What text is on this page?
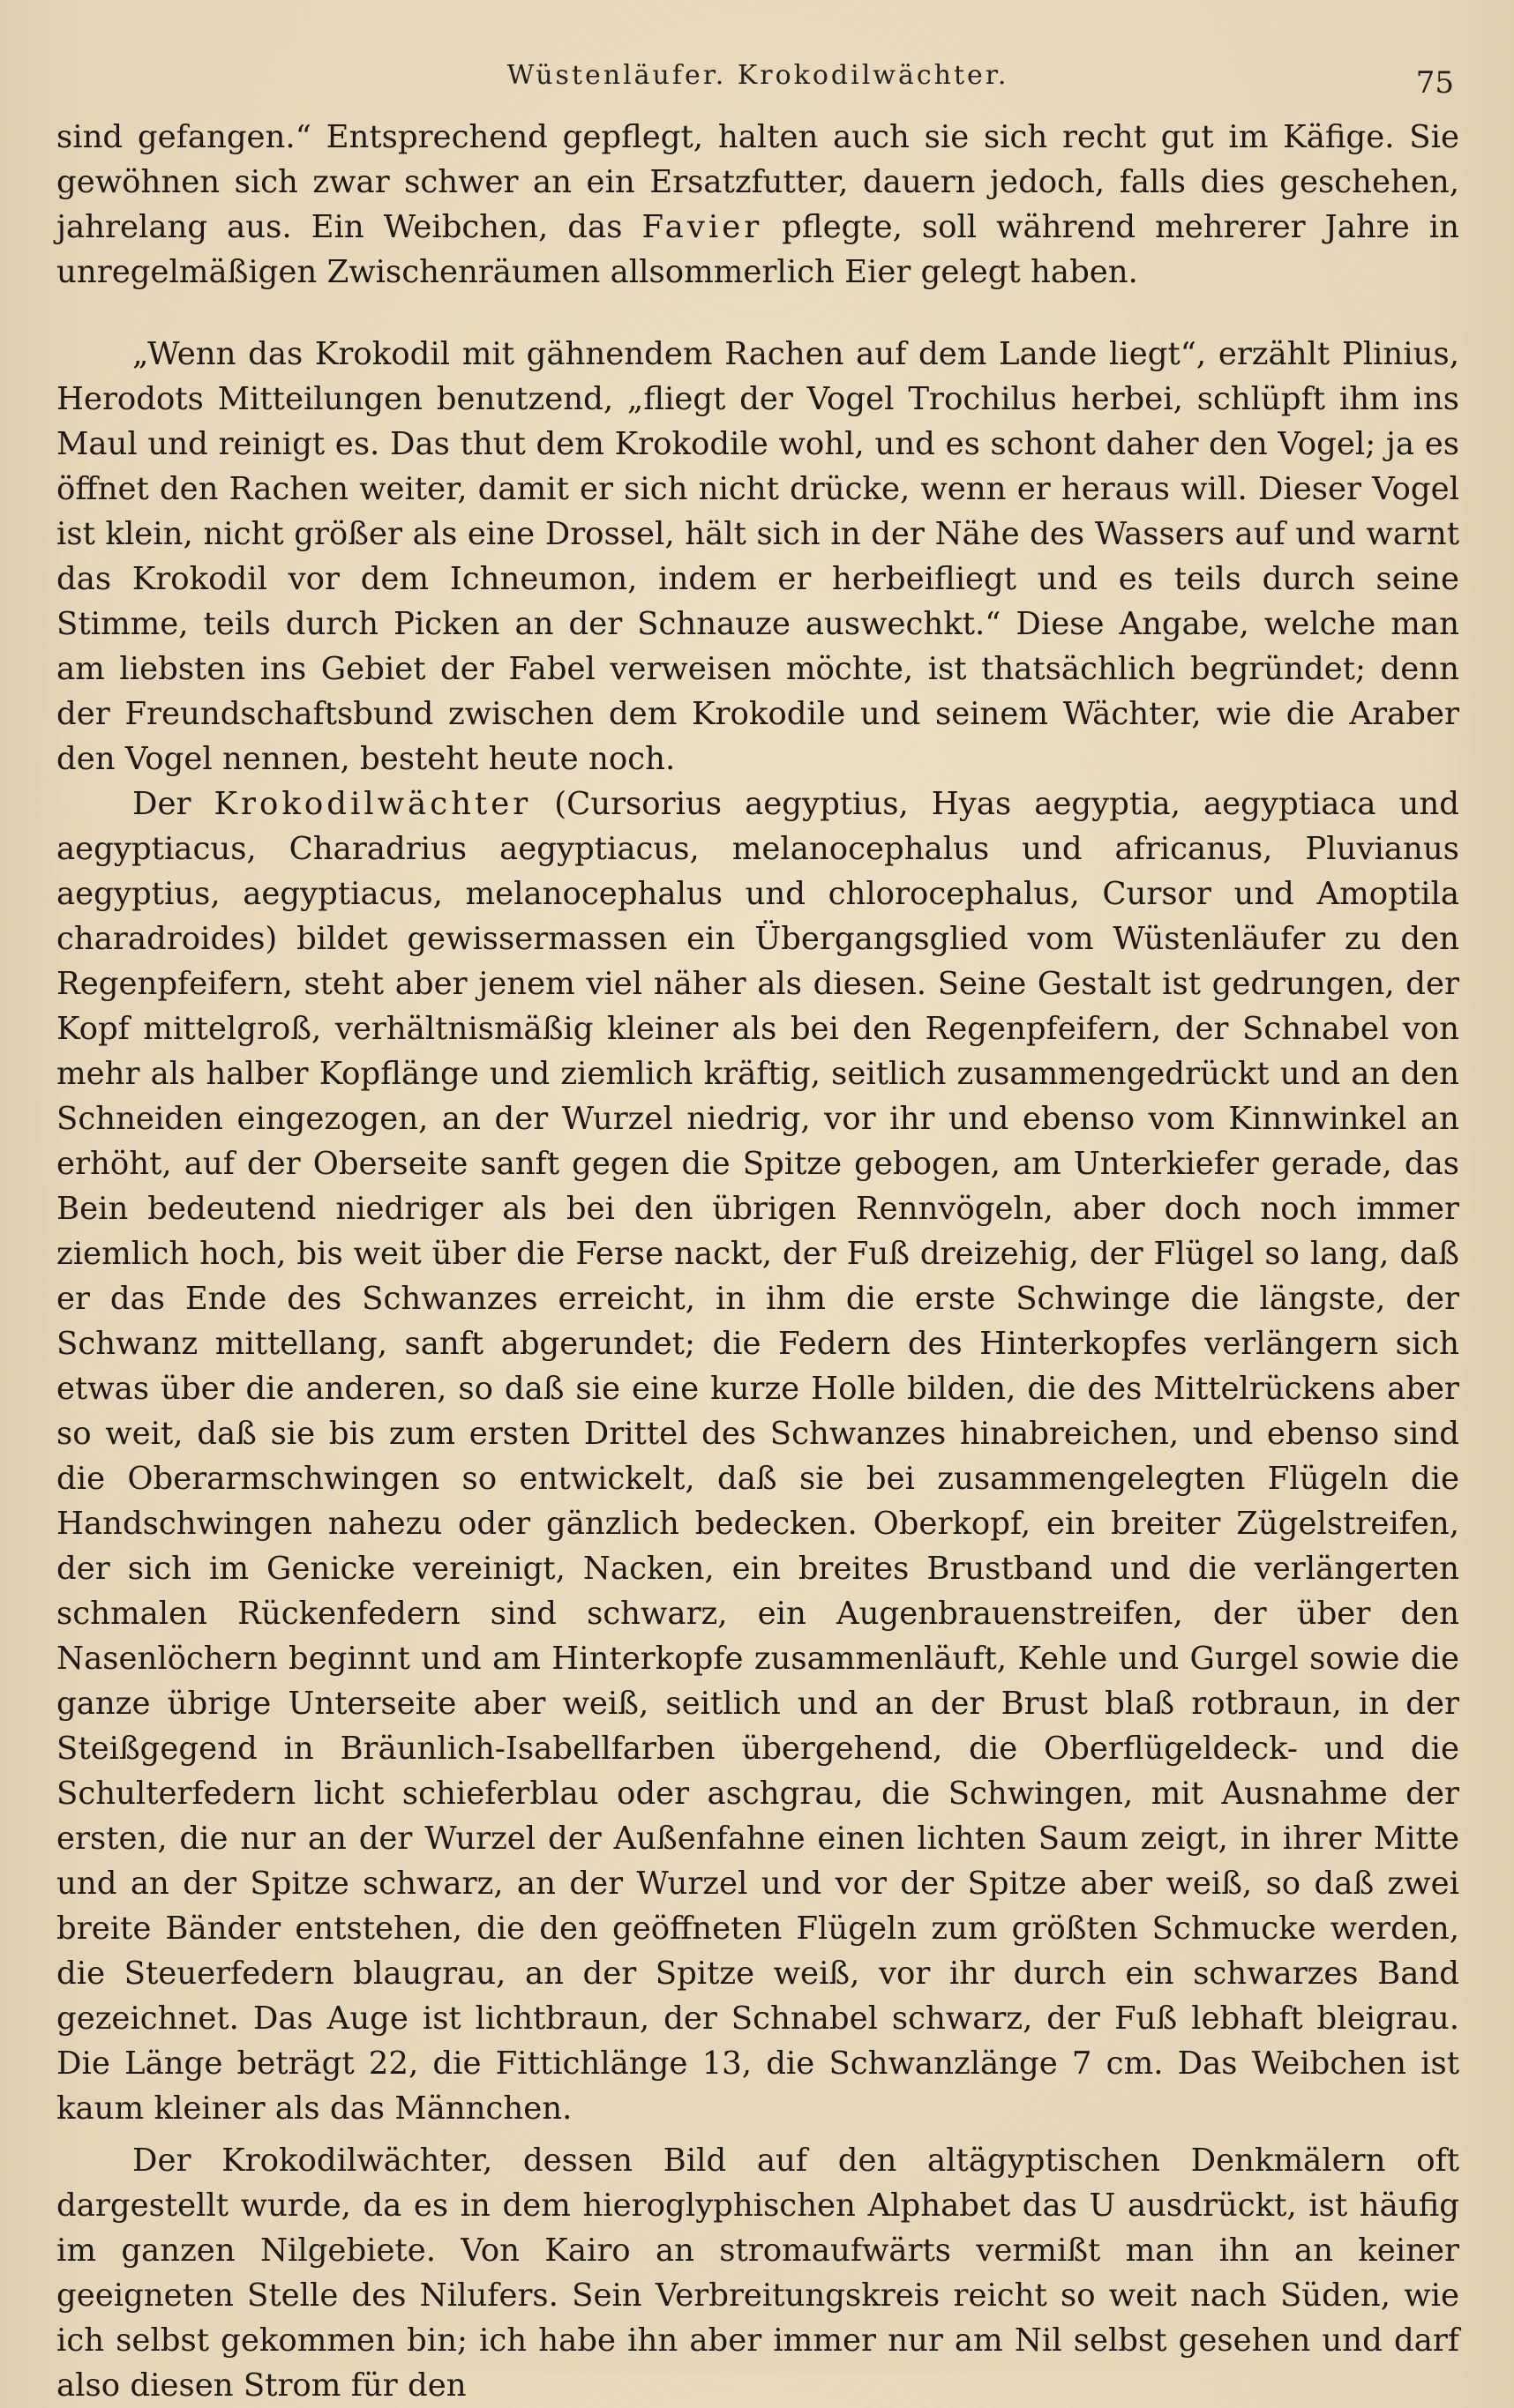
Wüstenläufer. Krokodilwächter.	75

sind gefangen.“ Entsprechend gepflegt, halten auch sie sich recht gut im Käfige. Sie gewöhnen sich zwar schwer an ein Ersatzfutter, dauern jedoch, falls dies geschehen, jahrelang aus. Ein Weibchen, das Favier pflegte, soll während mehrerer Jahre in unregelmäßigen Zwischenräumen allsommerlich Eier gelegt haben.

„Wenn das Krokodil mit gähnendem Rachen auf dem Lande liegt“, erzählt Plinius, Herodots Mitteilungen benutzend, „fliegt der Vogel Trochilus herbei, schlüpft ihm ins Maul und reinigt es. Das thut dem Krokodile wohl, und es schont daher den Vogel; ja es öffnet den Rachen weiter, damit er sich nicht drücke, wenn er heraus will. Dieser Vogel ist klein, nicht größer als eine Drossel, hält sich in der Nähe des Wassers auf und warnt das Krokodil vor dem Ichneumon, indem er herbeifliegt und es teils durch seine Stimme, teils durch Picken an der Schnauze auswechkt.“ Diese Angabe, welche man am liebsten ins Gebiet der Fabel verweisen möchte, ist thatsächlich begründet; denn der Freundschaftsbund zwischen dem Krokodile und seinem Wächter, wie die Araber den Vogel nennen, besteht heute noch.

Der Krokodilwächter (Cursorius aegyptius, Hyas aegyptia, aegyptiaca und aegyptiacus, Charadrius aegyptiacus, melanocephalus und africanus, Pluvianus aegyptius, aegyptiacus, melanocephalus und chlorocephalus, Cursor und Amoptila charadroides) bildet gewissermassen ein Übergangsglied vom Wüstenläufer zu den Regenpfeifern, steht aber jenem viel näher als diesen. Seine Gestalt ist gedrungen, der Kopf mittelgroß, verhältnismäßig kleiner als bei den Regenpfeifern, der Schnabel von mehr als halber Kopflänge und ziemlich kräftig, seitlich zusammengedrückt und an den Schneiden eingezogen, an der Wurzel niedrig, vor ihr und ebenso vom Kinnwinkel an erhöht, auf der Oberseite sanft gegen die Spitze gebogen, am Unterkiefer gerade, das Bein bedeutend niedriger als bei den übrigen Rennvögeln, aber doch noch immer ziemlich hoch, bis weit über die Ferse nackt, der Fuß dreizehig, der Flügel so lang, daß er das Ende des Schwanzes erreicht, in ihm die erste Schwinge die längste, der Schwanz mittellang, sanft abgerundet; die Federn des Hinterkopfes verlängern sich etwas über die anderen, so daß sie eine kurze Holle bilden, die des Mittelrückens aber so weit, daß sie bis zum ersten Drittel des Schwanzes hinabreichen, und ebenso sind die Oberarmschwingen so entwickelt, daß sie bei zusammengelegten Flügeln die Handschwingen nahezu oder gänzlich bedecken. Oberkopf, ein breiter Zügelstreifen, der sich im Genicke vereinigt, Nacken, ein breites Brustband und die verlängerten schmalen Rückenfedern sind schwarz, ein Augenbrauenstreifen, der über den Nasenlöchern beginnt und am Hinterkopfe zusammenläuft, Kehle und Gurgel sowie die ganze übrige Unterseite aber weiß, seitlich und an der Brust blaß rotbraun, in der Steißgegend in Bräunlich-Isabellfarben übergehend, die Oberflügeldeck- und die Schulterfedern licht schieferblau oder aschgrau, die Schwingen, mit Ausnahme der ersten, die nur an der Wurzel der Außenfahne einen lichten Saum zeigt, in ihrer Mitte und an der Spitze schwarz, an der Wurzel und vor der Spitze aber weiß, so daß zwei breite Bänder entstehen, die den geöffneten Flügeln zum größten Schmucke werden, die Steuerfedern blaugrau, an der Spitze weiß, vor ihr durch ein schwarzes Band gezeichnet. Das Auge ist lichtbraun, der Schnabel schwarz, der Fuß lebhaft bleigrau. Die Länge beträgt 22, die Fittichlänge 13, die Schwanzlänge 7 cm. Das Weibchen ist kaum kleiner als das Männchen.

Der Krokodilwächter, dessen Bild auf den altägyptischen Denkmälern oft dargestellt wurde, da es in dem hieroglyphischen Alphabet das U ausdrückt, ist häufig im ganzen Nilgebiete. Von Kairo an stromaufwärts vermißt man ihn an keiner geeigneten Stelle des Nilufers. Sein Verbreitungskreis reicht so weit nach Süden, wie ich selbst gekommen bin; ich habe ihn aber immer nur am Nil selbst gesehen und darf also diesen Strom für den
